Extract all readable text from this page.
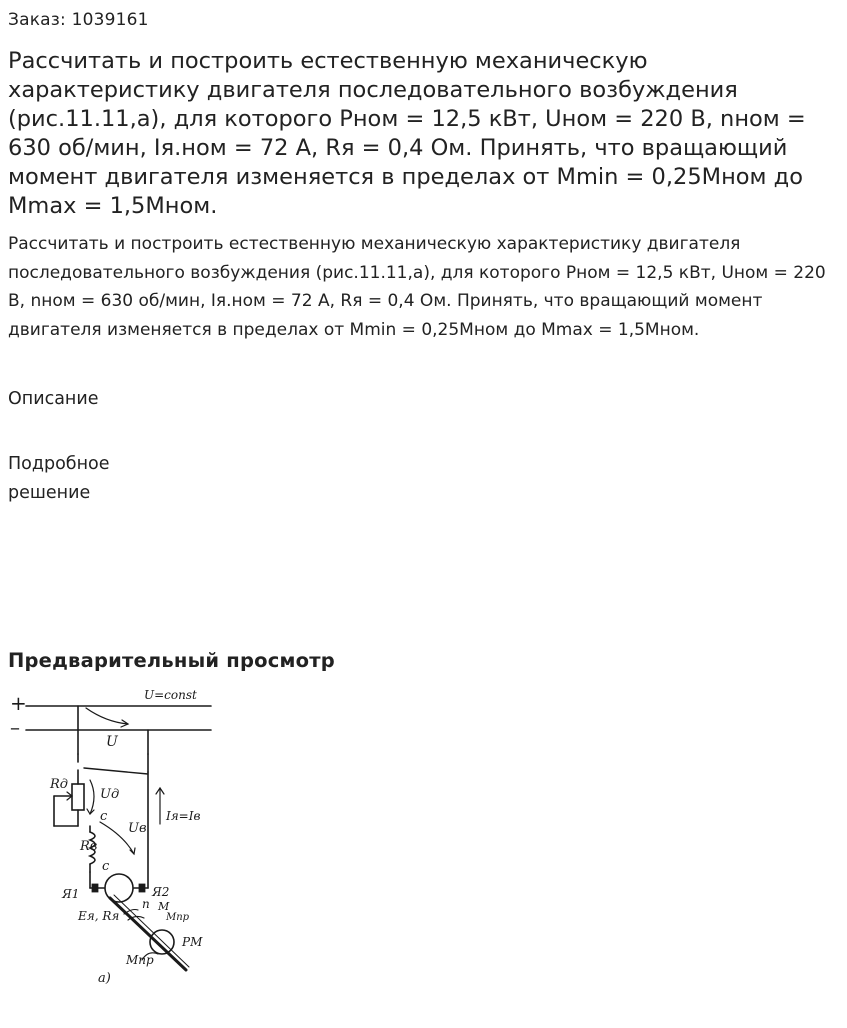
Заказ: 1039161
Рассчитать и построить естественную механическую характеристику двигателя последовательного возбуждения (рис.11.11,а), для которого Рном = 12,5 кВт, Uном = 220 В, nном = 630 об/мин, Iя.ном = 72 А, Rя = 0,4 Ом. Принять, что вращающий момент двигателя изменяется в пределах от Mmin = 0,25Мном до Mmax = 1,5Мном.
Рассчитать и построить естественную механическую характеристику двигателя последовательного возбуждения (рис.11.11,а), для которого Рном = 12,5 кВт, Uном = 220 В, nном = 630 об/мин, Iя.ном = 72 А, Rя = 0,4 Ом. Принять, что вращающий момент двигателя изменяется в пределах от Mmin = 0,25Мном до Mmax = 1,5Мном.
Описание
Подробное решение
Предварительный просмотр
+
–
U=const
U
Rд
Uд
c
Uв
Iя=Iв
Rв
c
Я1	Я2
n M
Mпр
Eя, Rя
РМ
Mпр
а)
